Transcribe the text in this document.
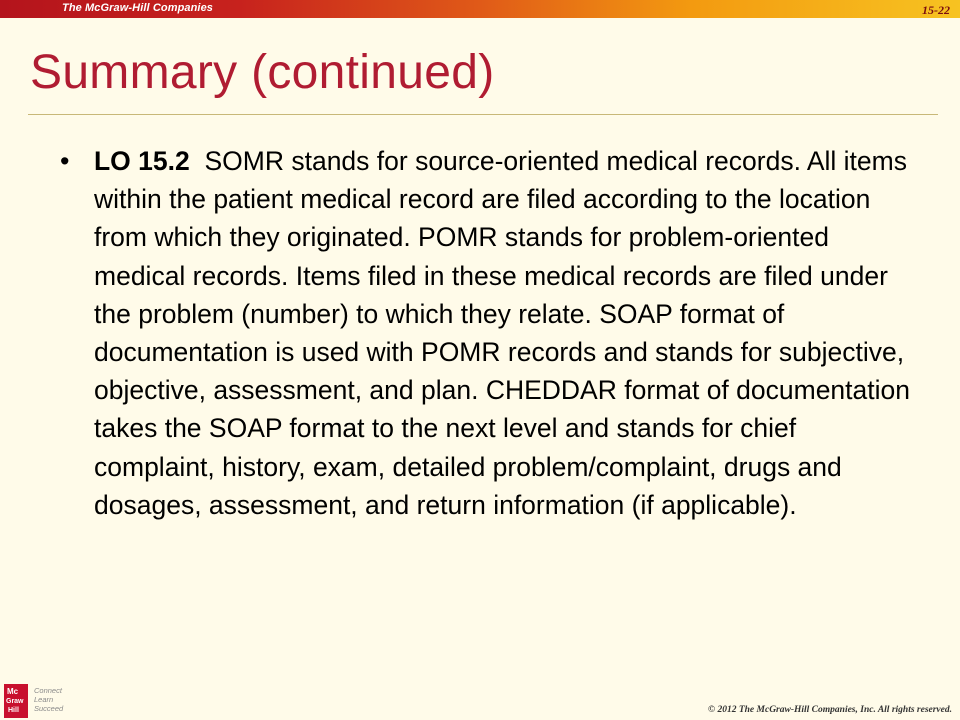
The McGraw-Hill Companies	15-22
Summary (continued)
• LO 15.2  SOMR stands for source-oriented medical records. All items within the patient medical record are filed according to the location from which they originated. POMR stands for problem-oriented medical records. Items filed in these medical records are filed under the problem (number) to which they relate. SOAP format of documentation is used with POMR records and stands for subjective, objective, assessment, and plan. CHEDDAR format of documentation takes the SOAP format to the next level and stands for chief complaint, history, exam, detailed problem/complaint, drugs and dosages, assessment, and return information (if applicable).

Mc
Graw
Hill
Connect
Learn
Succeed	© 2012 The McGraw-Hill Companies, Inc. All rights reserved.
